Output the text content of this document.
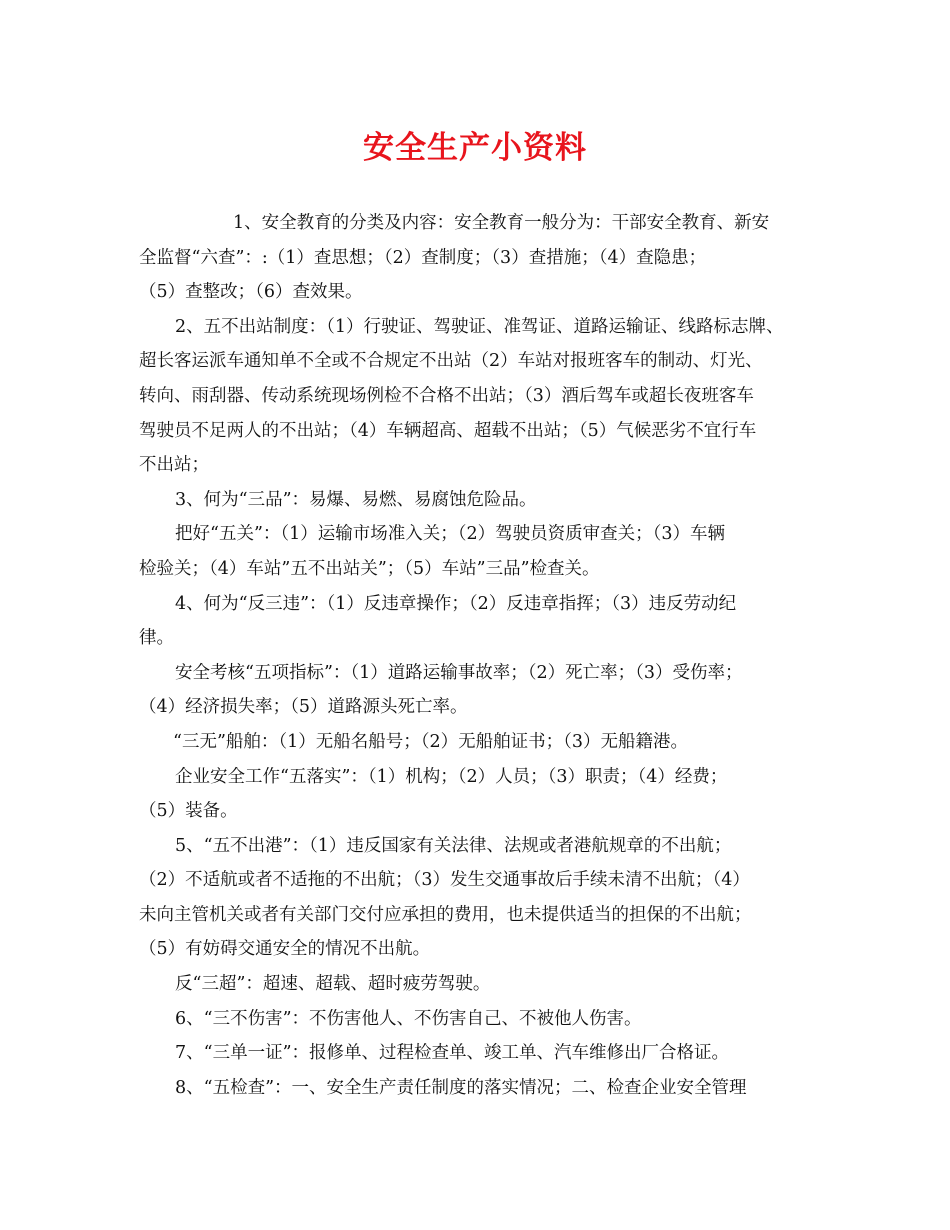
安全生产小资料
1、安全教育的分类及内容：安全教育一般分为：干部安全教育、新安
全监督“六查”：:（1）查思想；（2）查制度；（3）查措施；（4）查隐患；
（5）查整改；（6）查效果。
2、五不出站制度：（1）行驶证、驾驶证、准驾证、道路运输证、线路标志牌、
超长客运派车通知单不全或不合规定不出站（2）车站对报班客车的制动、灯光、
转向、雨刮器、传动系统现场例检不合格不出站；（3）酒后驾车或超长夜班客车
驾驶员不足两人的不出站；（4）车辆超高、超载不出站；（5）气候恶劣不宜行车
不出站；
3、何为“三品”：易爆、易燃、易腐蚀危险品。
把好“五关”：（1）运输市场准入关；（2）驾驶员资质审查关；（3）车辆
检验关；（4）车站”五不出站关”；（5）车站”三品”检查关。
4、何为“反三违”：（1）反违章操作；（2）反违章指挥；（3）违反劳动纪
律。
安全考核“五项指标”：（1）道路运输事故率；（2）死亡率；（3）受伤率；
（4）经济损失率；（5）道路源头死亡率。
“三无”船舶：（1）无船名船号；（2）无船舶证书；（3）无船籍港。
企业安全工作“五落实”：（1）机构；（2）人员；（3）职责；（4）经费；
（5）装备。
5、“五不出港”：（1）违反国家有关法律、法规或者港航规章的不出航；
（2）不适航或者不适拖的不出航；（3）发生交通事故后手续未清不出航；（4）
未向主管机关或者有关部门交付应承担的费用，也未提供适当的担保的不出航；
（5）有妨碍交通安全的情况不出航。
反“三超”：超速、超载、超时疲劳驾驶。
6、“三不伤害”：不伤害他人、不伤害自己、不被他人伤害。
7、“三单一证”：报修单、过程检查单、竣工单、汽车维修出厂合格证。
8、“五检查”：一、安全生产责任制度的落实情况；二、检查企业安全管理
